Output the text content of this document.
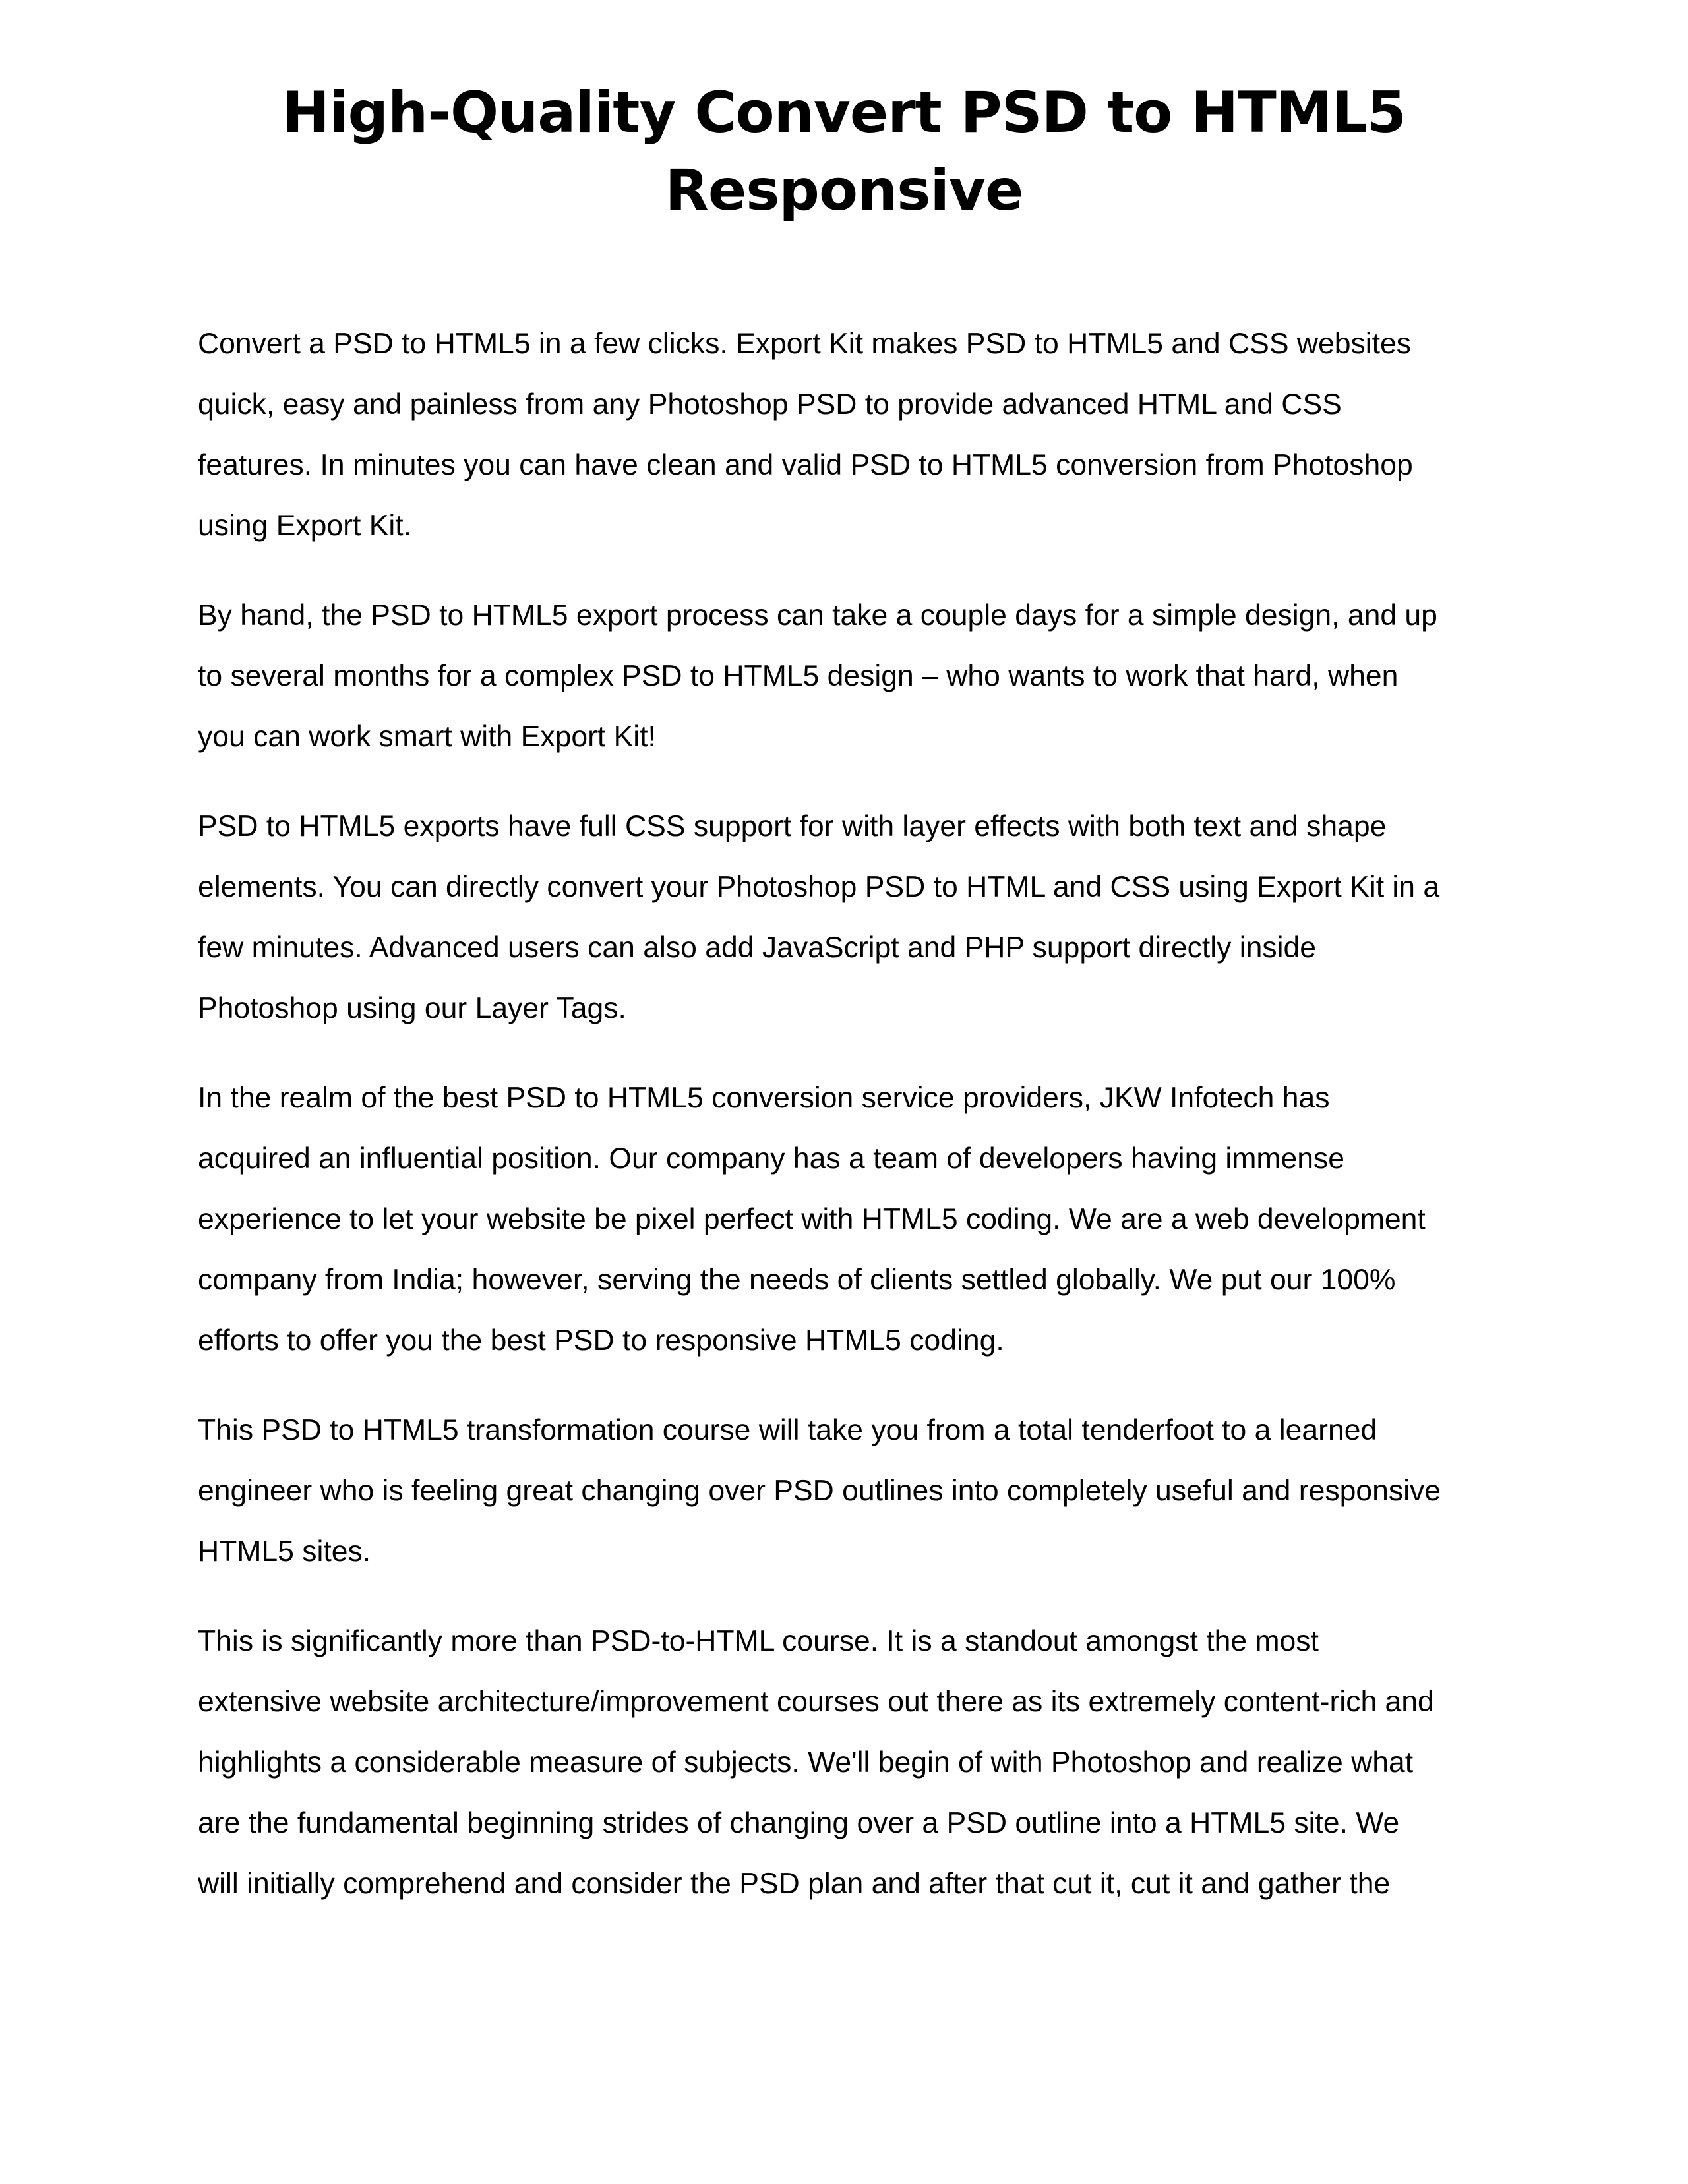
High-Quality Convert PSD to HTML5
Responsive

Convert a PSD to HTML5 in a few clicks. Export Kit makes PSD to HTML5 and CSS websites
quick, easy and painless from any Photoshop PSD to provide advanced HTML and CSS
features. In minutes you can have clean and valid PSD to HTML5 conversion from Photoshop
using Export Kit.

By hand, the PSD to HTML5 export process can take a couple days for a simple design, and up
to several months for a complex PSD to HTML5 design – who wants to work that hard, when
you can work smart with Export Kit!

PSD to HTML5 exports have full CSS support for with layer effects with both text and shape
elements. You can directly convert your Photoshop PSD to HTML and CSS using Export Kit in a
few minutes. Advanced users can also add JavaScript and PHP support directly inside
Photoshop using our Layer Tags.

In the realm of the best PSD to HTML5 conversion service providers, JKW Infotech has
acquired an influential position. Our company has a team of developers having immense
experience to let your website be pixel perfect with HTML5 coding. We are a web development
company from India; however, serving the needs of clients settled globally. We put our 100%
efforts to offer you the best PSD to responsive HTML5 coding.

This PSD to HTML5 transformation course will take you from a total tenderfoot to a learned
engineer who is feeling great changing over PSD outlines into completely useful and responsive
HTML5 sites.

This is significantly more than PSD-to-HTML course. It is a standout amongst the most
extensive website architecture/improvement courses out there as its extremely content-rich and
highlights a considerable measure of subjects. We'll begin of with Photoshop and realize what
are the fundamental beginning strides of changing over a PSD outline into a HTML5 site. We
will initially comprehend and consider the PSD plan and after that cut it, cut it and gather the
